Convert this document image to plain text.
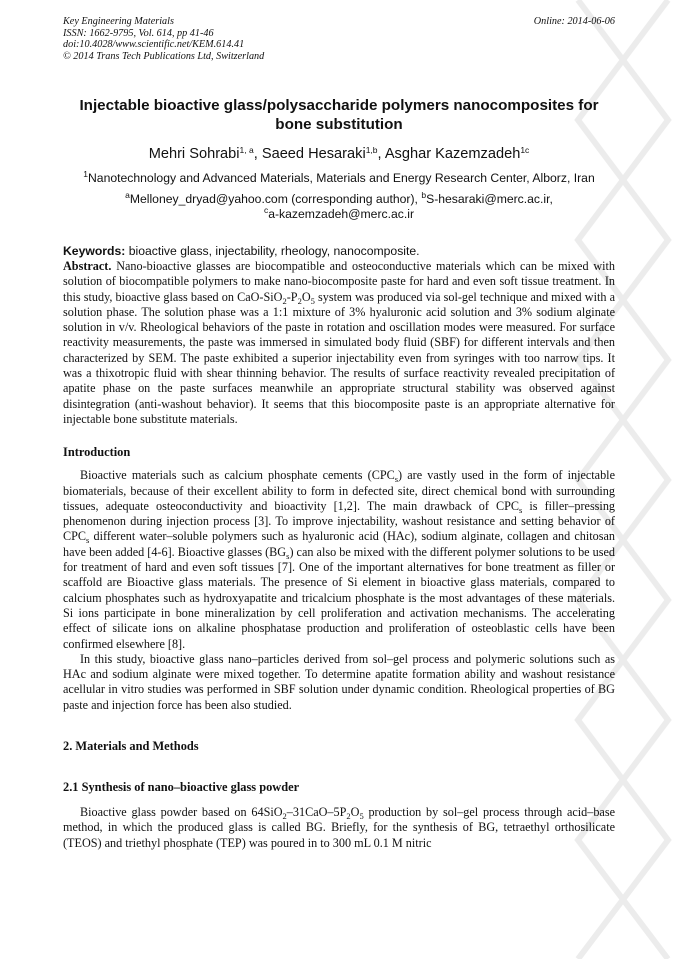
Key Engineering Materials
ISSN: 1662-9795, Vol. 614, pp 41-46
doi:10.4028/www.scientific.net/KEM.614.41
© 2014 Trans Tech Publications Ltd, Switzerland
Online: 2014-06-06
Injectable bioactive glass/polysaccharide polymers nanocomposites for
bone substitution
Mehri Sohrabi$^{1, a}$, Saeed Hesaraki$^{1,b}$, Asghar Kazemzadeh$^{1c}$
$^1$Nanotechnology and Advanced Materials, Materials and Energy Research Center, Alborz, Iran
$^a$Melloney_dryad@yahoo.com (corresponding author), $^b$S-hesaraki@merc.ac.ir,
$^c$a-kazemzadeh@merc.ac.ir
Keywords: bioactive glass, injectability, rheology, nanocomposite.

Abstract. Nano-bioactive glasses are biocompatible and osteoconductive materials which can be mixed with solution of biocompatible polymers to make nano-biocomposite paste for hard and even soft tissue treatment. In this study, bioactive glass based on CaO-$SiO_2-P_2O_5$ system was produced via sol-gel technique and mixed with a solution phase. The solution phase was a 1:1 mixture of 3% hyaluronic acid solution and 3% sodium alginate solution in v/v. Rheological behaviors of the paste in rotation and oscillation modes were measured. For surface reactivity measurements, the paste was immersed in simulated body fluid (SBF) for different intervals and then characterized by SEM. The paste exhibited a superior injectability even from syringes with too narrow tips. It was a thixotropic fluid with shear thinning behavior. The results of surface reactivity revealed precipitation of apatite phase on the paste surfaces meanwhile an appropriate structural stability was observed against disintegration (anti-washout behavior). It seems that this biocomposite paste is an appropriate alternative for injectable bone substitute materials.

Introduction

Bioactive materials such as calcium phosphate cements $(CPC_s)$ are vastly used in the form of injectable biomaterials, because of their excellent ability to form in defected site, direct chemical bond with surrounding tissues, adequate osteoconductivity and bioactivity [1,2]. The main drawback of $CPC_s$ is filler–pressing phenomenon during injection process [3]. To improve injectability, washout resistance and setting behavior of $CPC_s$ different water–soluble polymers such as hyaluronic acid (HAc), sodium alginate, collagen and chitosan have been added [4-6]. Bioactive glasses $(BG_s)$ can also be mixed with the different polymer solutions to be used for treatment of hard and even soft tissues [7]. One of the important alternatives for bone treatment as filler or scaffold are Bioactive glass materials. The presence of Si element in bioactive glass materials, compared to calcium phosphates such as hydroxyapatite and tricalcium phosphate is the most advantages of these materials. Si ions participate in bone mineralization by cell proliferation and activation mechanisms. The accelerating effect of silicate ions on alkaline phosphatase production and proliferation of osteoblastic cells have been confirmed elsewhere [8].

In this study, bioactive glass nano–particles derived from sol–gel process and polymeric solutions such as HAc and sodium alginate were mixed together. To determine apatite formation ability and washout resistance acellular in vitro studies was performed in SBF solution under dynamic condition. Rheological properties of BG paste and injection force has been also studied.

2. Materials and Methods
2.1 Synthesis of nano–bioactive glass powder

Bioactive glass powder based on $64SiO_2-31CaO-5P_2O_5$ production by sol–gel process through acid–base method, in which the produced glass is called BG. Briefly, for the synthesis of BG, tetraethyl orthosilicate (TEOS) and triethyl phosphate (TEP) was poured in to 300 mL 0.1 M nitric
